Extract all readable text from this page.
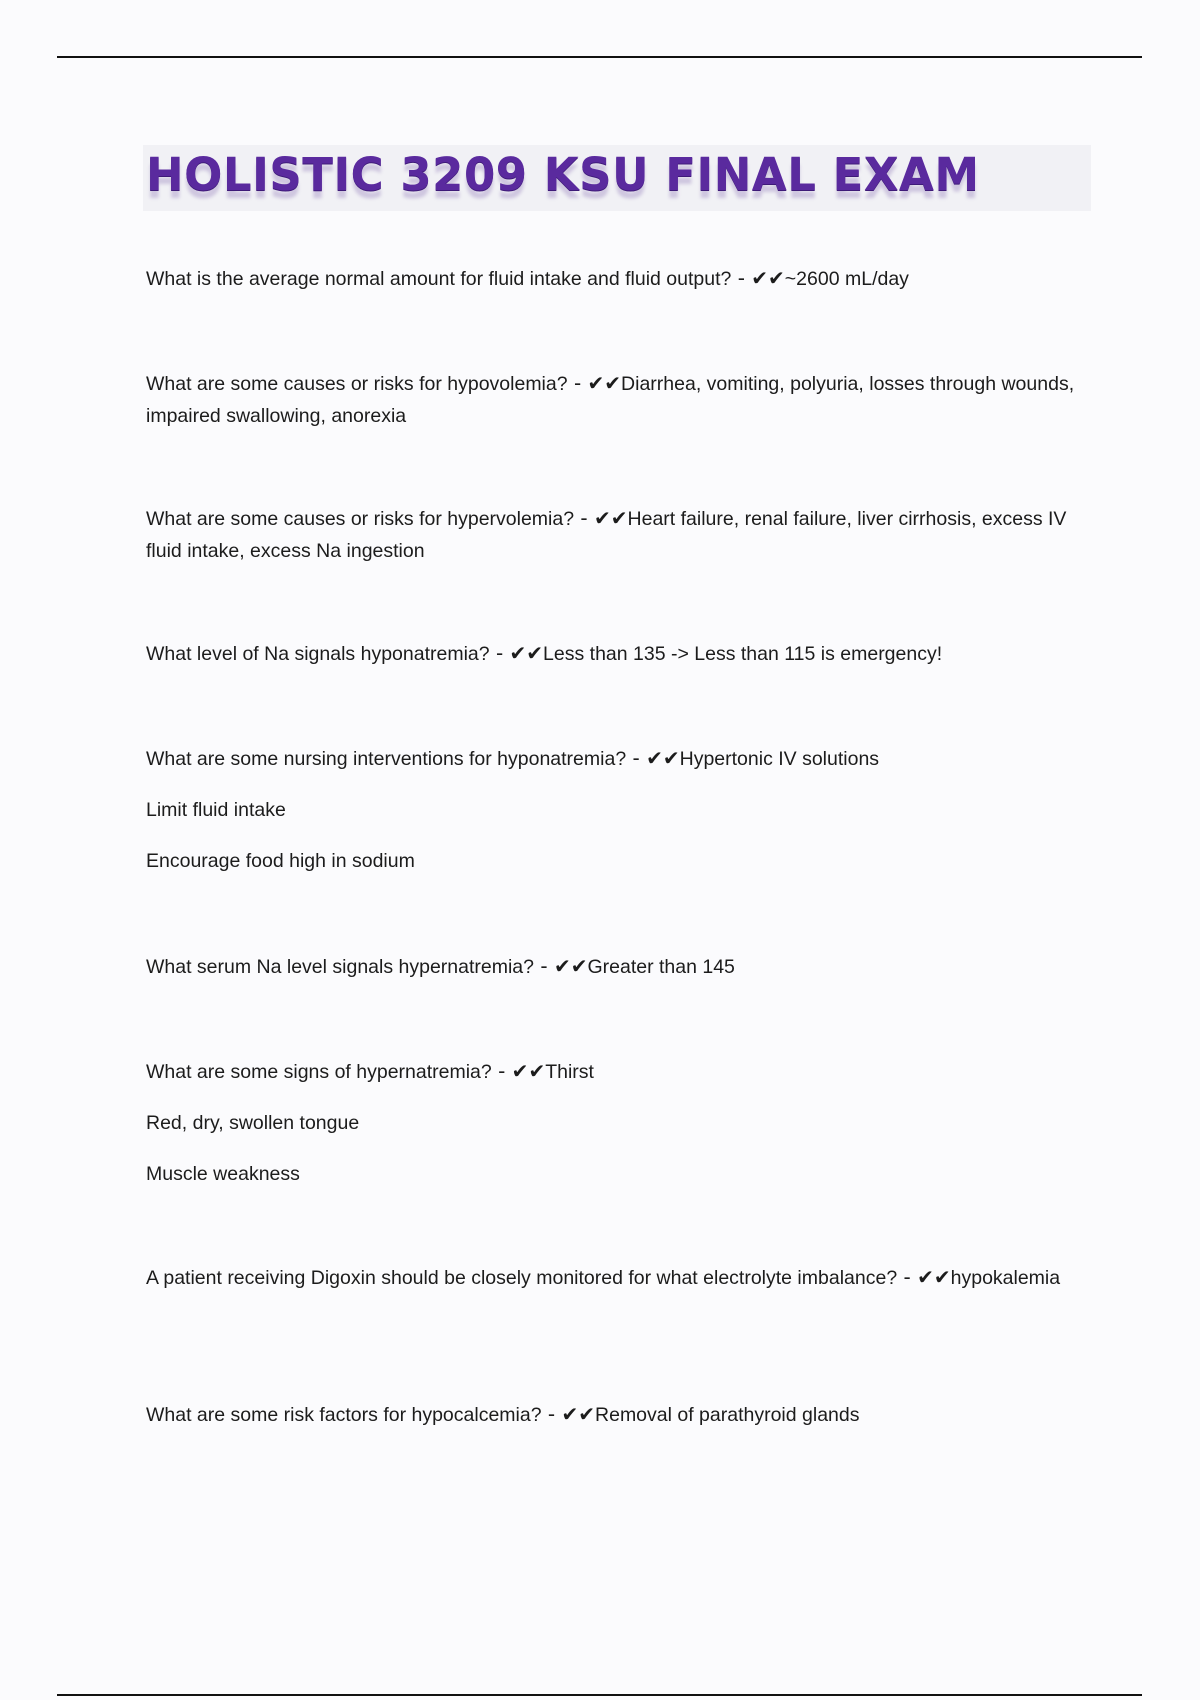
HOLISTIC 3209 KSU FINAL EXAM

What is the average normal amount for fluid intake and fluid output? - ✔✔~2600 mL/day

What are some causes or risks for hypovolemia? - ✔✔Diarrhea, vomiting, polyuria, losses through wounds, impaired swallowing, anorexia

What are some causes or risks for hypervolemia? - ✔✔Heart failure, renal failure, liver cirrhosis, excess IV fluid intake, excess Na ingestion

What level of Na signals hyponatremia? - ✔✔Less than 135 -> Less than 115 is emergency!

What are some nursing interventions for hyponatremia? - ✔✔Hypertonic IV solutions

Limit fluid intake

Encourage food high in sodium

What serum Na level signals hypernatremia? - ✔✔Greater than 145

What are some signs of hypernatremia? - ✔✔Thirst

Red, dry, swollen tongue

Muscle weakness

A patient receiving Digoxin should be closely monitored for what electrolyte imbalance? - ✔✔hypokalemia

What are some risk factors for hypocalcemia? - ✔✔Removal of parathyroid glands
